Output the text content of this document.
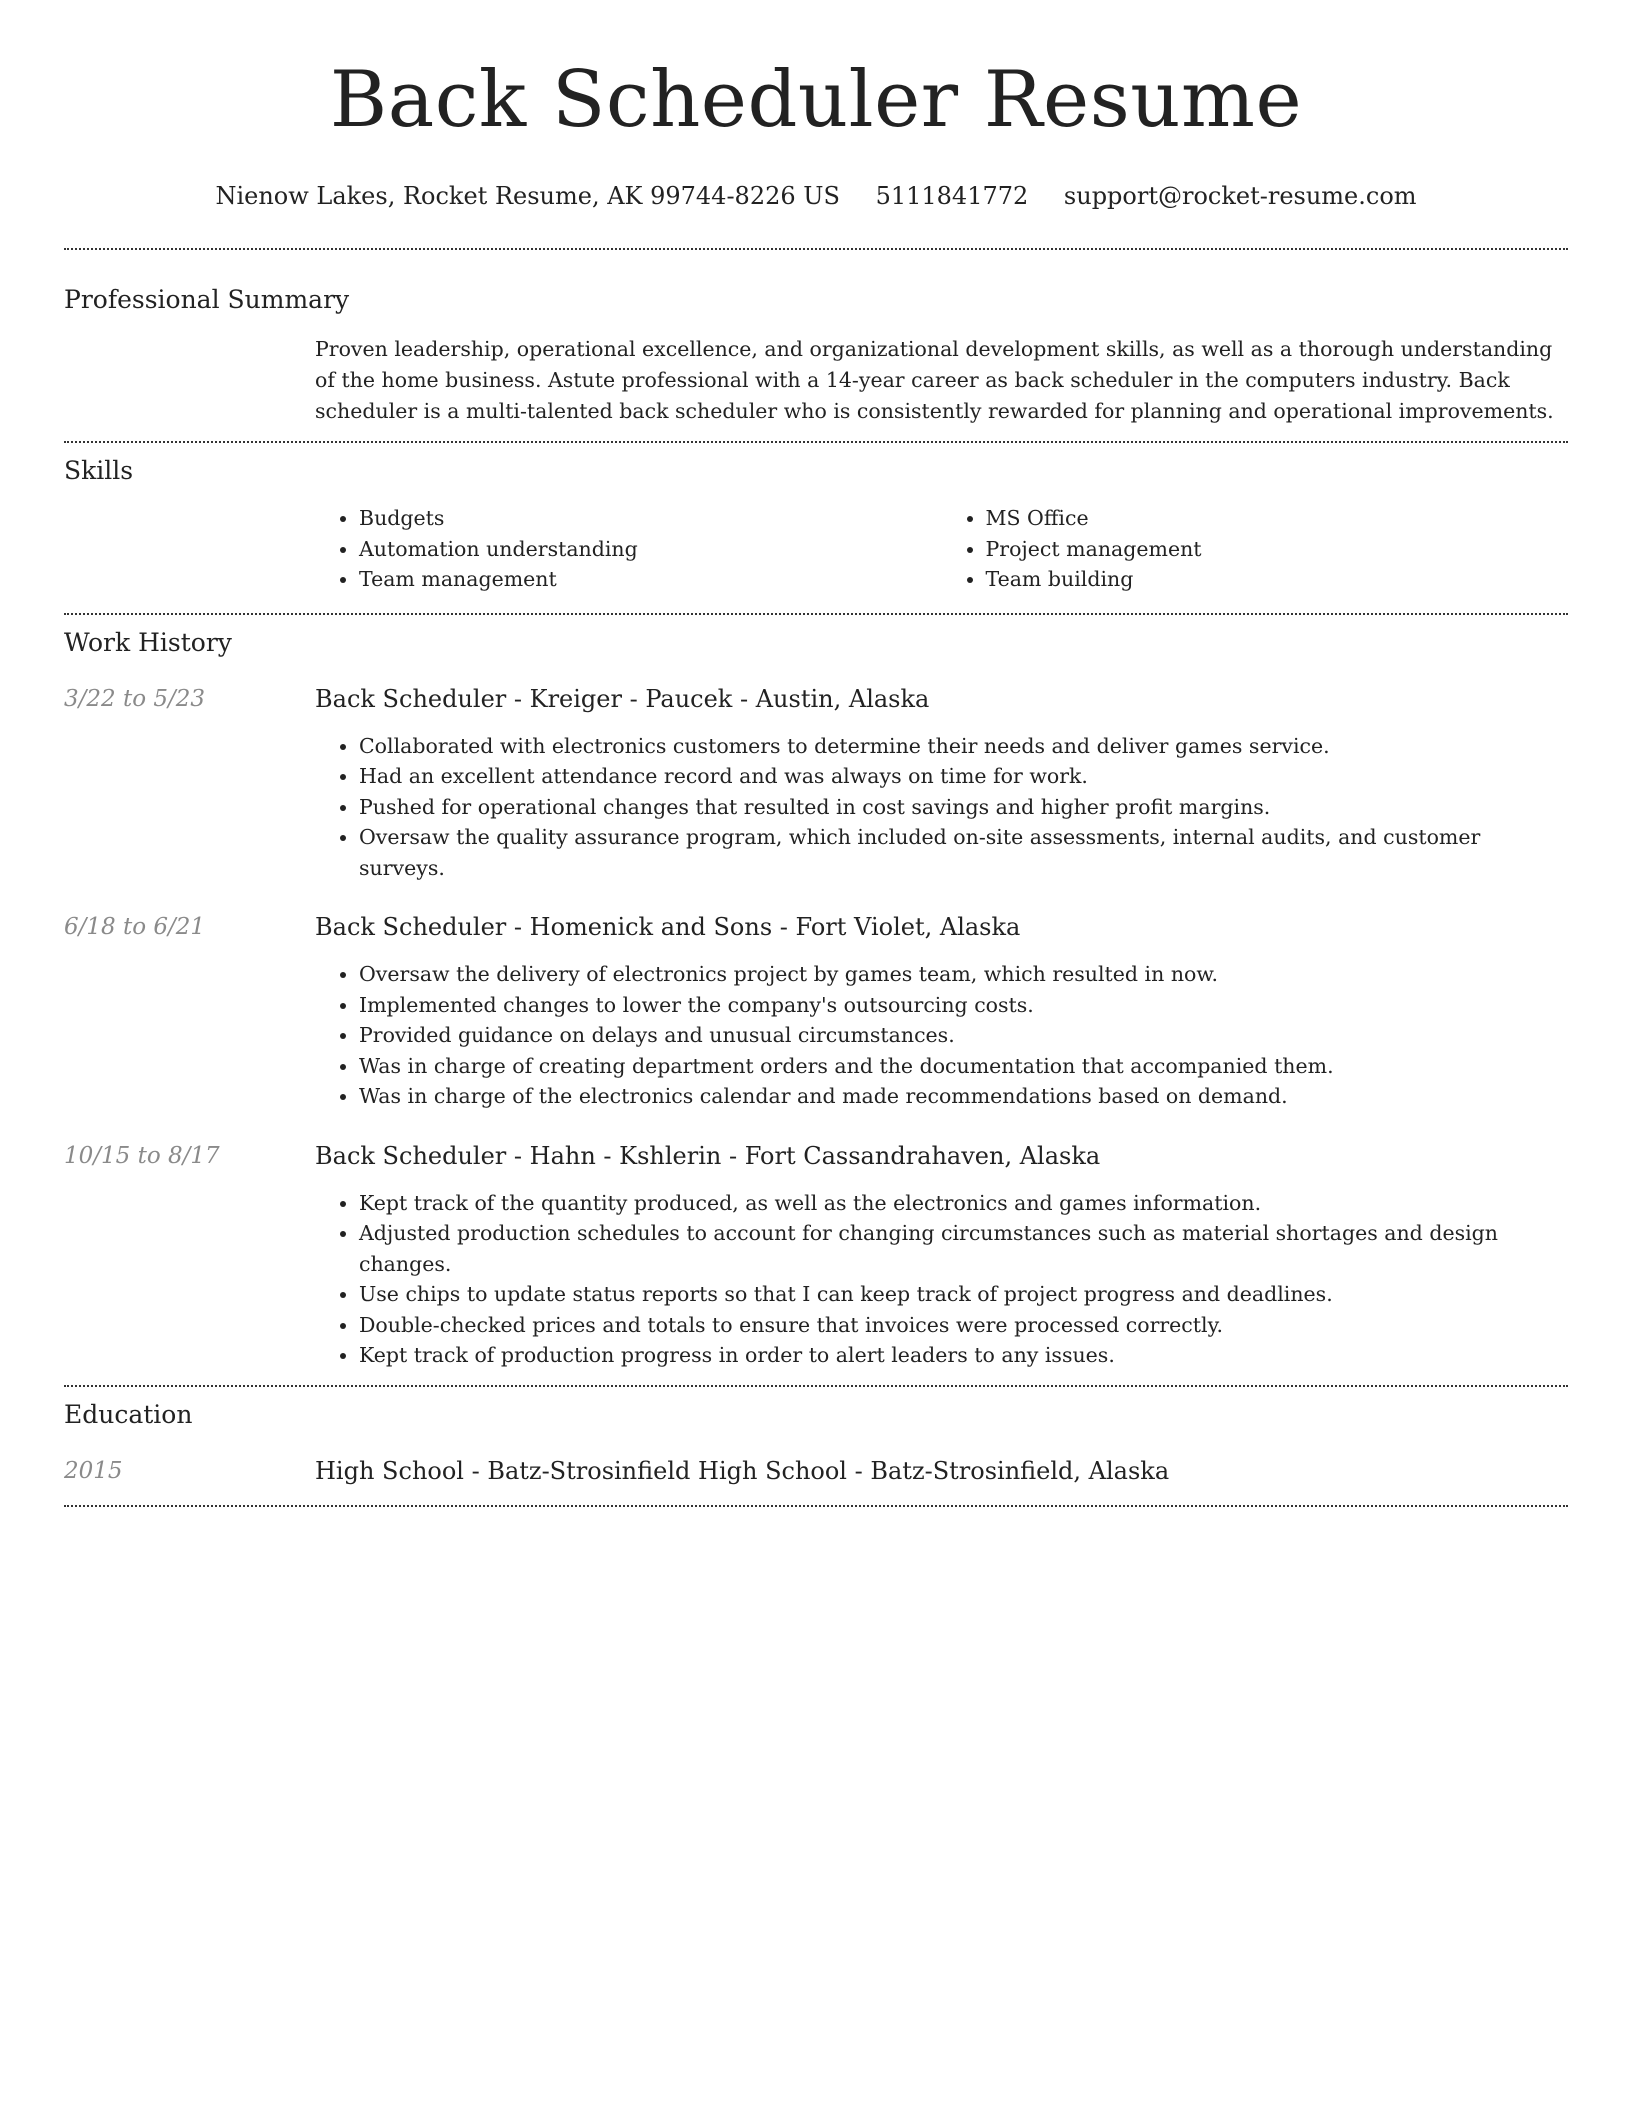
Back Scheduler Resume
Nienow Lakes, Rocket Resume, AK 99744-8226 US 5111841772 support@rocket-resume.com
Professional Summary

Proven leadership, operational excellence, and organizational development skills, as well as a thorough understanding of the home business. Astute professional with a 14-year career as back scheduler in the computers industry. Back scheduler is a multi-talented back scheduler who is consistently rewarded for planning and operational improvements.

Skills
• Budgets
• Automation understanding
• Team management
• MS Office
• Project management
• Team building
Work History
3/22 to 5/23	Back Scheduler - Kreiger - Paucek - Austin, Alaska
• Collaborated with electronics customers to determine their needs and deliver games service.
• Had an excellent attendance record and was always on time for work.
• Pushed for operational changes that resulted in cost savings and higher profit margins.
• Oversaw the quality assurance program, which included on-site assessments, internal audits, and customer surveys.
6/18 to 6/21	Back Scheduler - Homenick and Sons - Fort Violet, Alaska
• Oversaw the delivery of electronics project by games team, which resulted in now.
• Implemented changes to lower the company's outsourcing costs.
• Provided guidance on delays and unusual circumstances.
• Was in charge of creating department orders and the documentation that accompanied them.
• Was in charge of the electronics calendar and made recommendations based on demand.
10/15 to 8/17	Back Scheduler - Hahn - Kshlerin - Fort Cassandrahaven, Alaska
• Kept track of the quantity produced, as well as the electronics and games information.
• Adjusted production schedules to account for changing circumstances such as material shortages and design changes.
• Use chips to update status reports so that I can keep track of project progress and deadlines.
• Double-checked prices and totals to ensure that invoices were processed correctly.
• Kept track of production progress in order to alert leaders to any issues.
Education
2015	High School - Batz-Strosinfield High School - Batz-Strosinfield, Alaska
